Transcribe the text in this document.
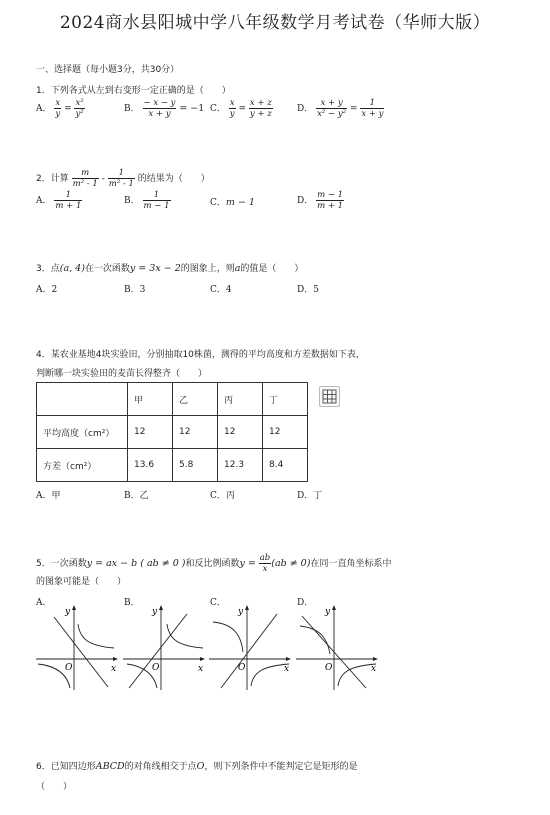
2024商水县阳城中学八年级数学月考试卷（华师大版）
一、选择题（每小题3分，共30分）
1．下列各式从左到右变形一定正确的是（　　）
A． $\frac{x}{y} = \frac{\text{x²}}{\text{y²}}$	B． $\frac{- x - y}{x + y} = -1$ C． $\frac{x}{y} = \frac{x + z}{y + z}$	D． $\frac{x + y}{\text{x² − y²}} = \frac{1}{x + y}$
2．计算 $\frac{m}{\text{m² - 1}} - \frac{1}{\text{m² - 1}}$ 的结果为（　　）
A． $\frac{1}{m + 1}$	B． $\frac{1}{m - 1}$	C．m − 1	D． $\frac{m - 1}{m + 1}$
3．点(a, 4)在一次函数y = 3x − 2的图象上，则a的值是（　　）
A．2	B．3	C．4	D．5
4．某农业基地4块实验田，分别抽取10株菌，测得的平均高度和方差数据如下表，
判断哪一块实验田的麦苗长得整齐（　　）
	甲	乙	丙	丁
平均高度（cm²）	12	12	12	12
方差（cm²）	13.6	5.8	12.3	8.4
A．甲	B．乙	C．丙	D．丁
5．一次函数y = ax − b ( ab ≠ 0 )和反比例函数$y = \frac{ab}{x} (ab \ne 0)$在同一直角坐标系中
的图象可能是（　　）
A．	B．	C．	D．
y
x
O
y
x
O
y
x
O
y
x
O
6．已知四边形ABCD的对角线相交于点O，则下列条件中不能判定它是矩形的是
（　　）
